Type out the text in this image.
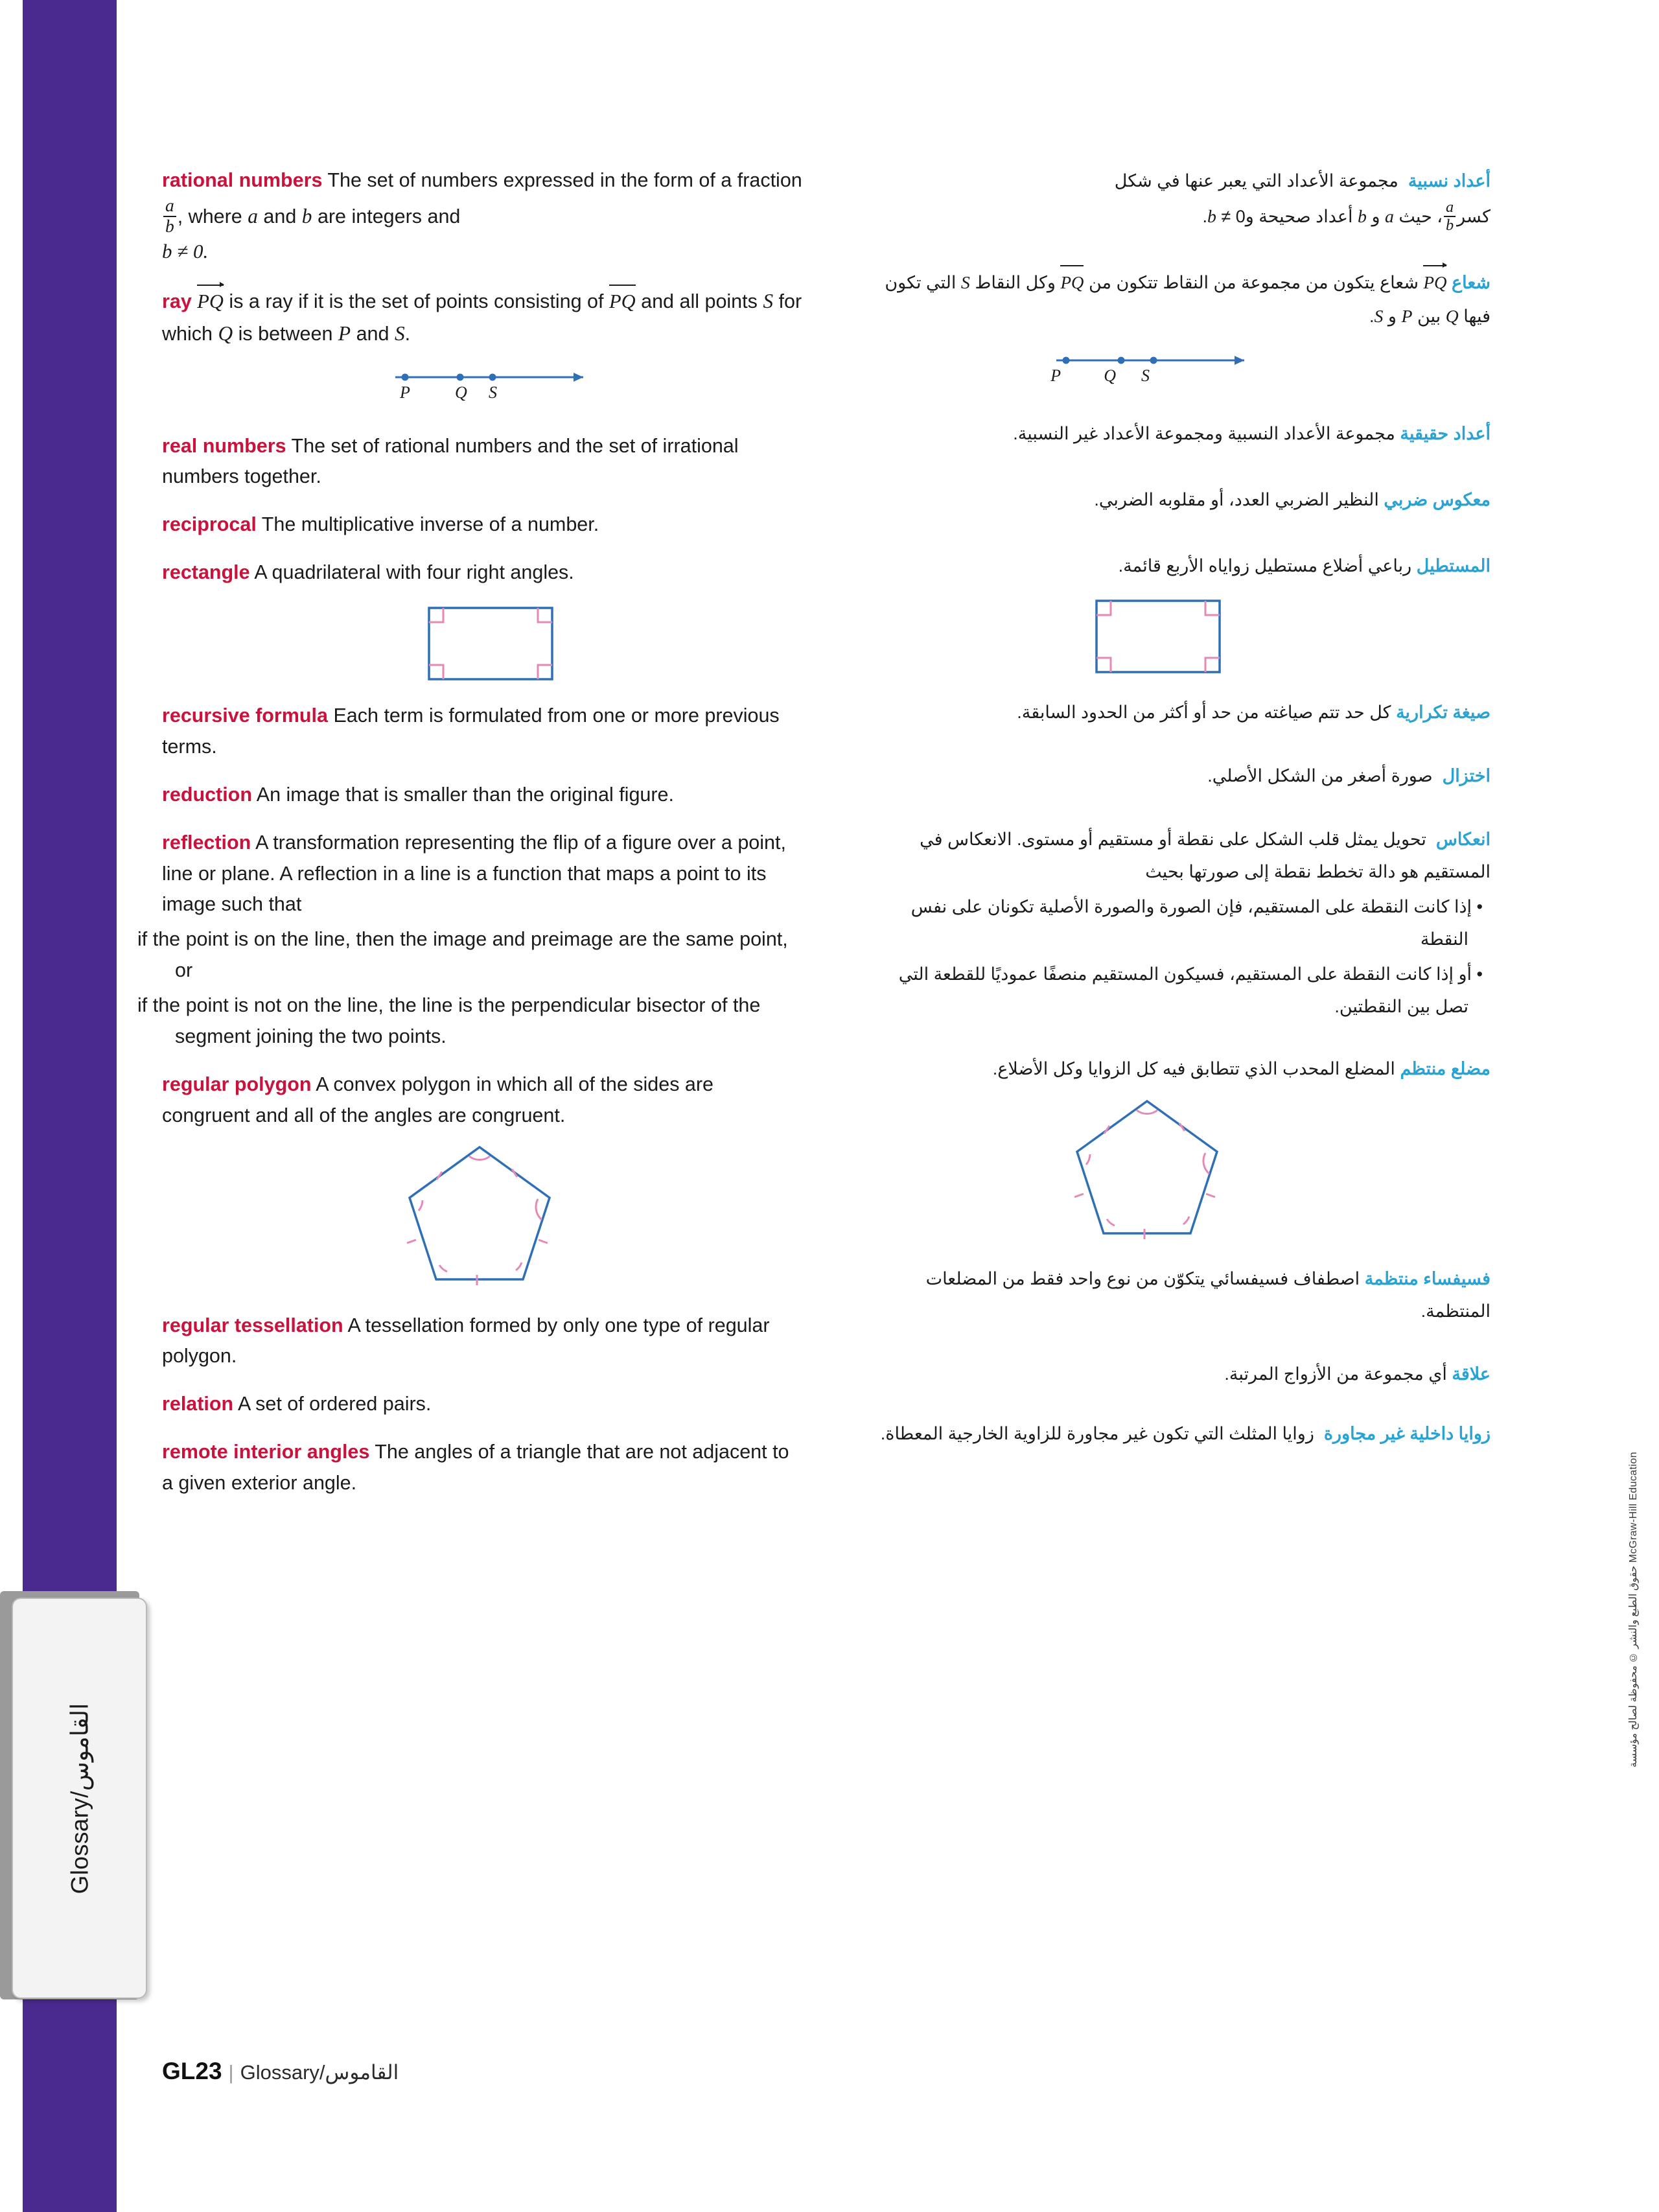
Glossary/القاموس	حقوق الطبع والنشر © محفوظة لصالح مؤسسة McGraw-Hill Education
rational numbers The set of numbers expressed in the form of a fraction
$\frac{a}{b}$ , where a and b are integers and
b ≠ 0.
ray PQ is a ray if it is the set of points consisting of PQ and all points S for which Q is between P and S.
P	Q S
real numbers The set of rational numbers and the set of irrational numbers together.
reciprocal The multiplicative inverse of a number.
rectangle A quadrilateral with four right angles.
recursive formula Each term is formulated from one or more previous terms.
reduction An image that is smaller than the original figure.
reflection A transformation representing the flip of a figure over a point, line or plane. A reflection in a line is a function that maps a point to its image such that
if the point is on the line, then the image and preimage are the same point, or
if the point is not on the line, the line is the perpendicular bisector of the segment joining the two points.
regular polygon A convex polygon in which all of the sides are congruent and all of the angles are congruent.
regular tessellation A tessellation formed by only one type of regular polygon.
relation A set of ordered pairs.
remote interior angles The angles of a triangle that are not adjacent to a given exterior angle.
أعداد نسبية  مجموعة الأعداد التي يعبر عنها في شكل
كسر
$\frac{a}{b}$
، حيث a و b أعداد صحيحة و0 ≠ b.
شعاع PQ شعاع يتكون من مجموعة من النقاط تتكون من PQ وكل النقاط S التي تكون فيها Q بين P و S.
P	Q S
أعداد حقيقية مجموعة الأعداد النسبية ومجموعة الأعداد غير النسبية.
معكوس ضربي النظير الضربي العدد، أو مقلوبه الضربي.
المستطيل رباعي أضلاع مستطيل زواياه الأربع قائمة.
صيغة تكرارية كل حد تتم صياغته من حد أو أكثر من الحدود السابقة.
اختزال  صورة أصغر من الشكل الأصلي.
انعكاس  تحويل يمثل قلب الشكل على نقطة أو مستقيم أو مستوى. الانعكاس في المستقيم هو دالة تخطط نقطة إلى صورتها بحيث
• إذا كانت النقطة على المستقيم، فإن الصورة والصورة الأصلية تكونان على نفس النقطة
• أو إذا كانت النقطة على المستقيم، فسيكون المستقيم منصفًا عموديًا للقطعة التي تصل بين النقطتين.
مضلع منتظم المضلع المحدب الذي تتطابق فيه كل الزوايا وكل الأضلاع.
فسيفساء منتظمة اصطفاف فسيفسائي يتكوّن من نوع واحد فقط من المضلعات المنتظمة.
علاقة أي مجموعة من الأزواج المرتبة.
زوايا داخلية غير مجاورة  زوايا المثلث التي تكون غير مجاورة للزاوية الخارجية المعطاة.
GL23 | Glossary/القاموس
